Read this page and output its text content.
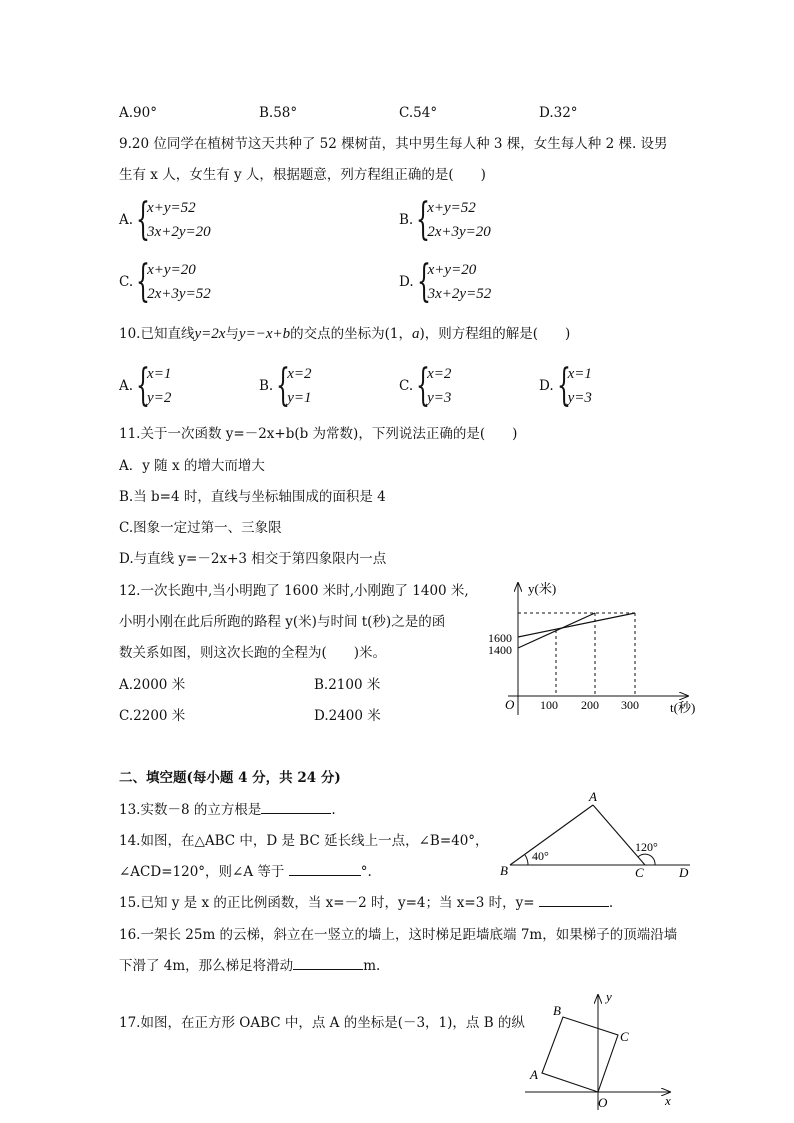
A.90°	B.58°	C.54°	D.32°
9.20 位同学在植树节这天共种了 52 棵树苗，其中男生每人种 3 棵，女生每人种 2 棵. 设男
生有 x 人，女生有 y 人，根据题意，列方程组正确的是(　　)
A. {
x+y=52
3x+2y=20
B. {
x+y=52
2x+3y=20
C. {
x+y=20
2x+3y=52
D. {
x+y=20
3x+2y=52
10.已知直线y=2x与y=−x+b的交点的坐标为(1，a)，则方程组的解是(　　)
A. {
x=1
y=2
B. {
x=2
y=1
C. {
x=2
y=3
D. {
x=1
y=3
11.关于一次函数 y=－2x+b(b 为常数)，下列说法正确的是(　　)
A．y 随 x 的增大而增大
B.当 b=4 时，直线与坐标轴围成的面积是 4
C.图象一定过第一、三象限
D.与直线 y=－2x+3 相交于第四象限内一点
12.一次长跑中,当小明跑了 1600 米时,小刚跑了 1400 米,
小明小刚在此后所跑的路程 y(米)与时间 t(秒)之是的函
数关系如图，则这次长跑的全程为(　　)米。
A.2000 米	B.2100 米
C.2200 米	D.2400 米
y(米)
t(秒)
O
1600
1400
100 200 300
二、填空题(每小题 4 分，共 24 分)
13.实数－8 的立方根是	.
14.如图，在△ABC 中，D 是 BC 延长线上一点，∠B=40°，
∠ACD=120°，则∠A 等于	°.
A
B	C	D
40°
120°
15.已知 y 是 x 的正比例函数，当 x=－2 时，y=4；当 x=3 时，y=	.
16.一架长 25m 的云梯，斜立在一竖立的墙上，这时梯足距墙底端 7m，如果梯子的顶端沿墙
下滑了 4m，那么梯足将滑动	m.
17.如图，在正方形 OABC 中，点 A 的坐标是(－3，1)，点 B 的纵
y
x
O
A
B
C
